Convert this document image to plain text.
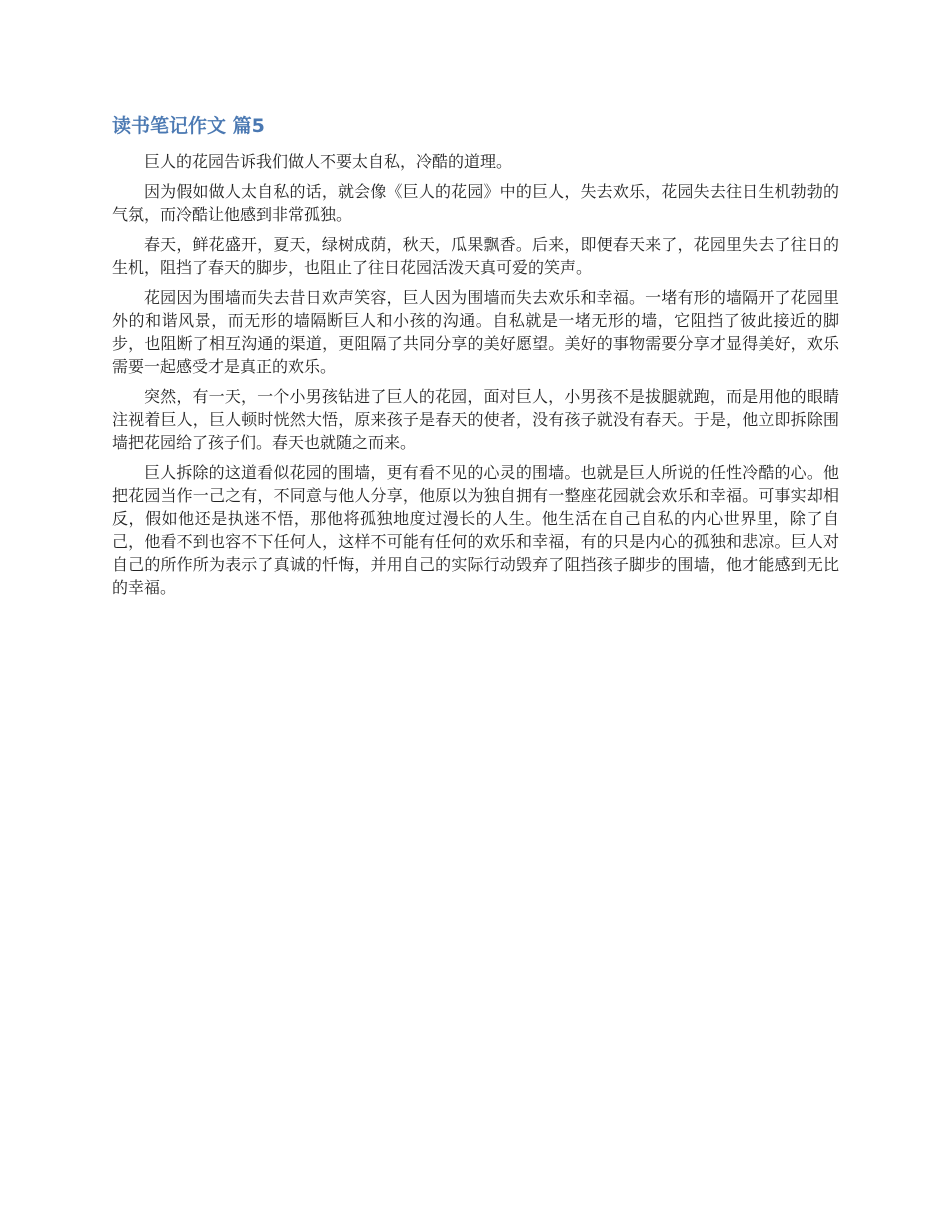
读书笔记作文 篇5

巨人的花园告诉我们做人不要太自私，冷酷的道理。

因为假如做人太自私的话，就会像《巨人的花园》中的巨人，失去欢乐，花园失去往日生机勃勃的气氛，而冷酷让他感到非常孤独。

春天，鲜花盛开，夏天，绿树成荫，秋天，瓜果飘香。后来，即便春天来了，花园里失去了往日的生机，阻挡了春天的脚步，也阻止了往日花园活泼天真可爱的笑声。

花园因为围墙而失去昔日欢声笑容，巨人因为围墙而失去欢乐和幸福。一堵有形的墙隔开了花园里外的和谐风景，而无形的墙隔断巨人和小孩的沟通。自私就是一堵无形的墙，它阻挡了彼此接近的脚步，也阻断了相互沟通的渠道，更阻隔了共同分享的美好愿望。美好的事物需要分享才显得美好，欢乐需要一起感受才是真正的欢乐。

突然，有一天，一个小男孩钻进了巨人的花园，面对巨人，小男孩不是拔腿就跑，而是用他的眼睛注视着巨人，巨人顿时恍然大悟，原来孩子是春天的使者，没有孩子就没有春天。于是，他立即拆除围墙把花园给了孩子们。春天也就随之而来。

巨人拆除的这道看似花园的围墙，更有看不见的心灵的围墙。也就是巨人所说的任性冷酷的心。他把花园当作一己之有，不同意与他人分享，他原以为独自拥有一整座花园就会欢乐和幸福。可事实却相反，假如他还是执迷不悟，那他将孤独地度过漫长的人生。他生活在自己自私的内心世界里，除了自己，他看不到也容不下任何人，这样不可能有任何的欢乐和幸福，有的只是内心的孤独和悲凉。巨人对自己的所作所为表示了真诚的忏悔，并用自己的实际行动毁弃了阻挡孩子脚步的围墙，他才能感到无比的幸福。
